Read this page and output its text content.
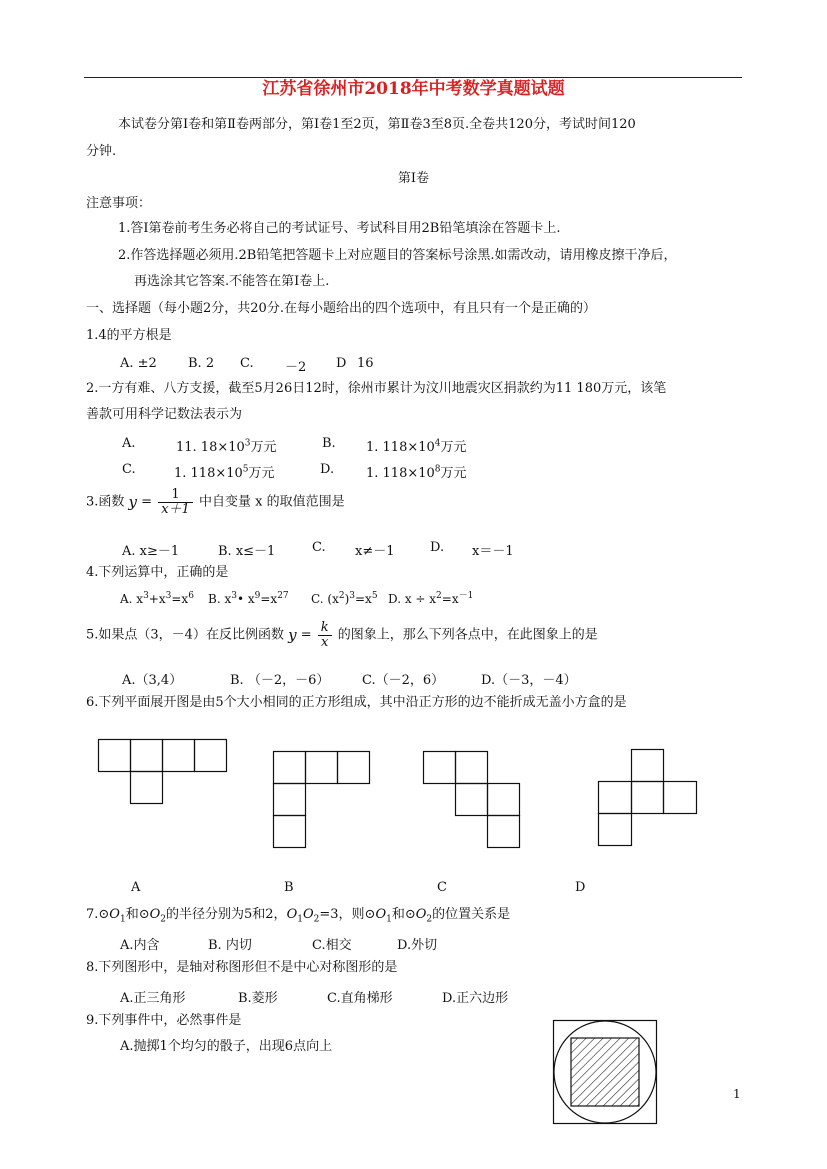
江苏省徐州市2018年中考数学真题试题
本试卷分第Ⅰ卷和第Ⅱ卷两部分，第Ⅰ卷1至2页，第Ⅱ卷3至8页.全卷共120分，考试时间120
分钟.
第Ⅰ卷
注意事项：
1.答Ⅰ第卷前考生务必将自己的考试证号、考试科目用2B铅笔填涂在答题卡上.
2.作答选择题必须用.2B铅笔把答题卡上对应题目的答案标号涂黑.如需改动，请用橡皮擦干净后，
再选涂其它答案.不能答在第Ⅰ卷上.
一、选择题（每小题2分，共20分.在每小题给出的四个选项中，有且只有一个是正确的）
1.4的平方根是
A. ±2 B. 2 C. －2 D 16
2.一方有难、八方支援，截至5月26日12时，徐州市累计为汶川地震灾区捐款约为11 180万元，该笔
善款可用科学记数法表示为
A.	11. $18\times 10^3$万元	B. 1. $118\times 10^4$万元
C.	1. $118\times 10^5$万元	D. 1. $118\times 10^8$万元
3.函数 $y = \frac{1}{x+1}$ 中自变量 x 的取值范围是
A. x≥－1	B. x≤－1	C. x≠－1	D. x＝－1
4.下列运算中，正确的是
A. $x^3+x^3=x^6$ B. $x^3•$ $x^9=x^{27}$ C. $(x^2)^3=x^5$ D. $x \div x^2=x^{-1}$
5.如果点（3，－4）在反比例函数 $y = \frac{k}{x}$ 的图象上，那么下列各点中，在此图象上的是
A.（3,4）	B. （－2，－6）	C.（－2，6）	D.（－3，－4）
6.下列平面展开图是由5个大小相同的正方形组成，其中沿正方形的边不能折成无盖小方盒的是
A	B	C	D
$7.⊙O_1$和$⊙O_2$的半径分别为5和2，$O_1O_2=3$，则$⊙O_1$和$⊙O_2$的位置关系是
A.内含	B. 内切	C.相交	D.外切
8.下列图形中，是轴对称图形但不是中心对称图形的是
A.正三角形	B.菱形	C.直角梯形	D.正六边形
9.下列事件中，必然事件是
A.抛掷1个均匀的骰子，出现6点向上
1
